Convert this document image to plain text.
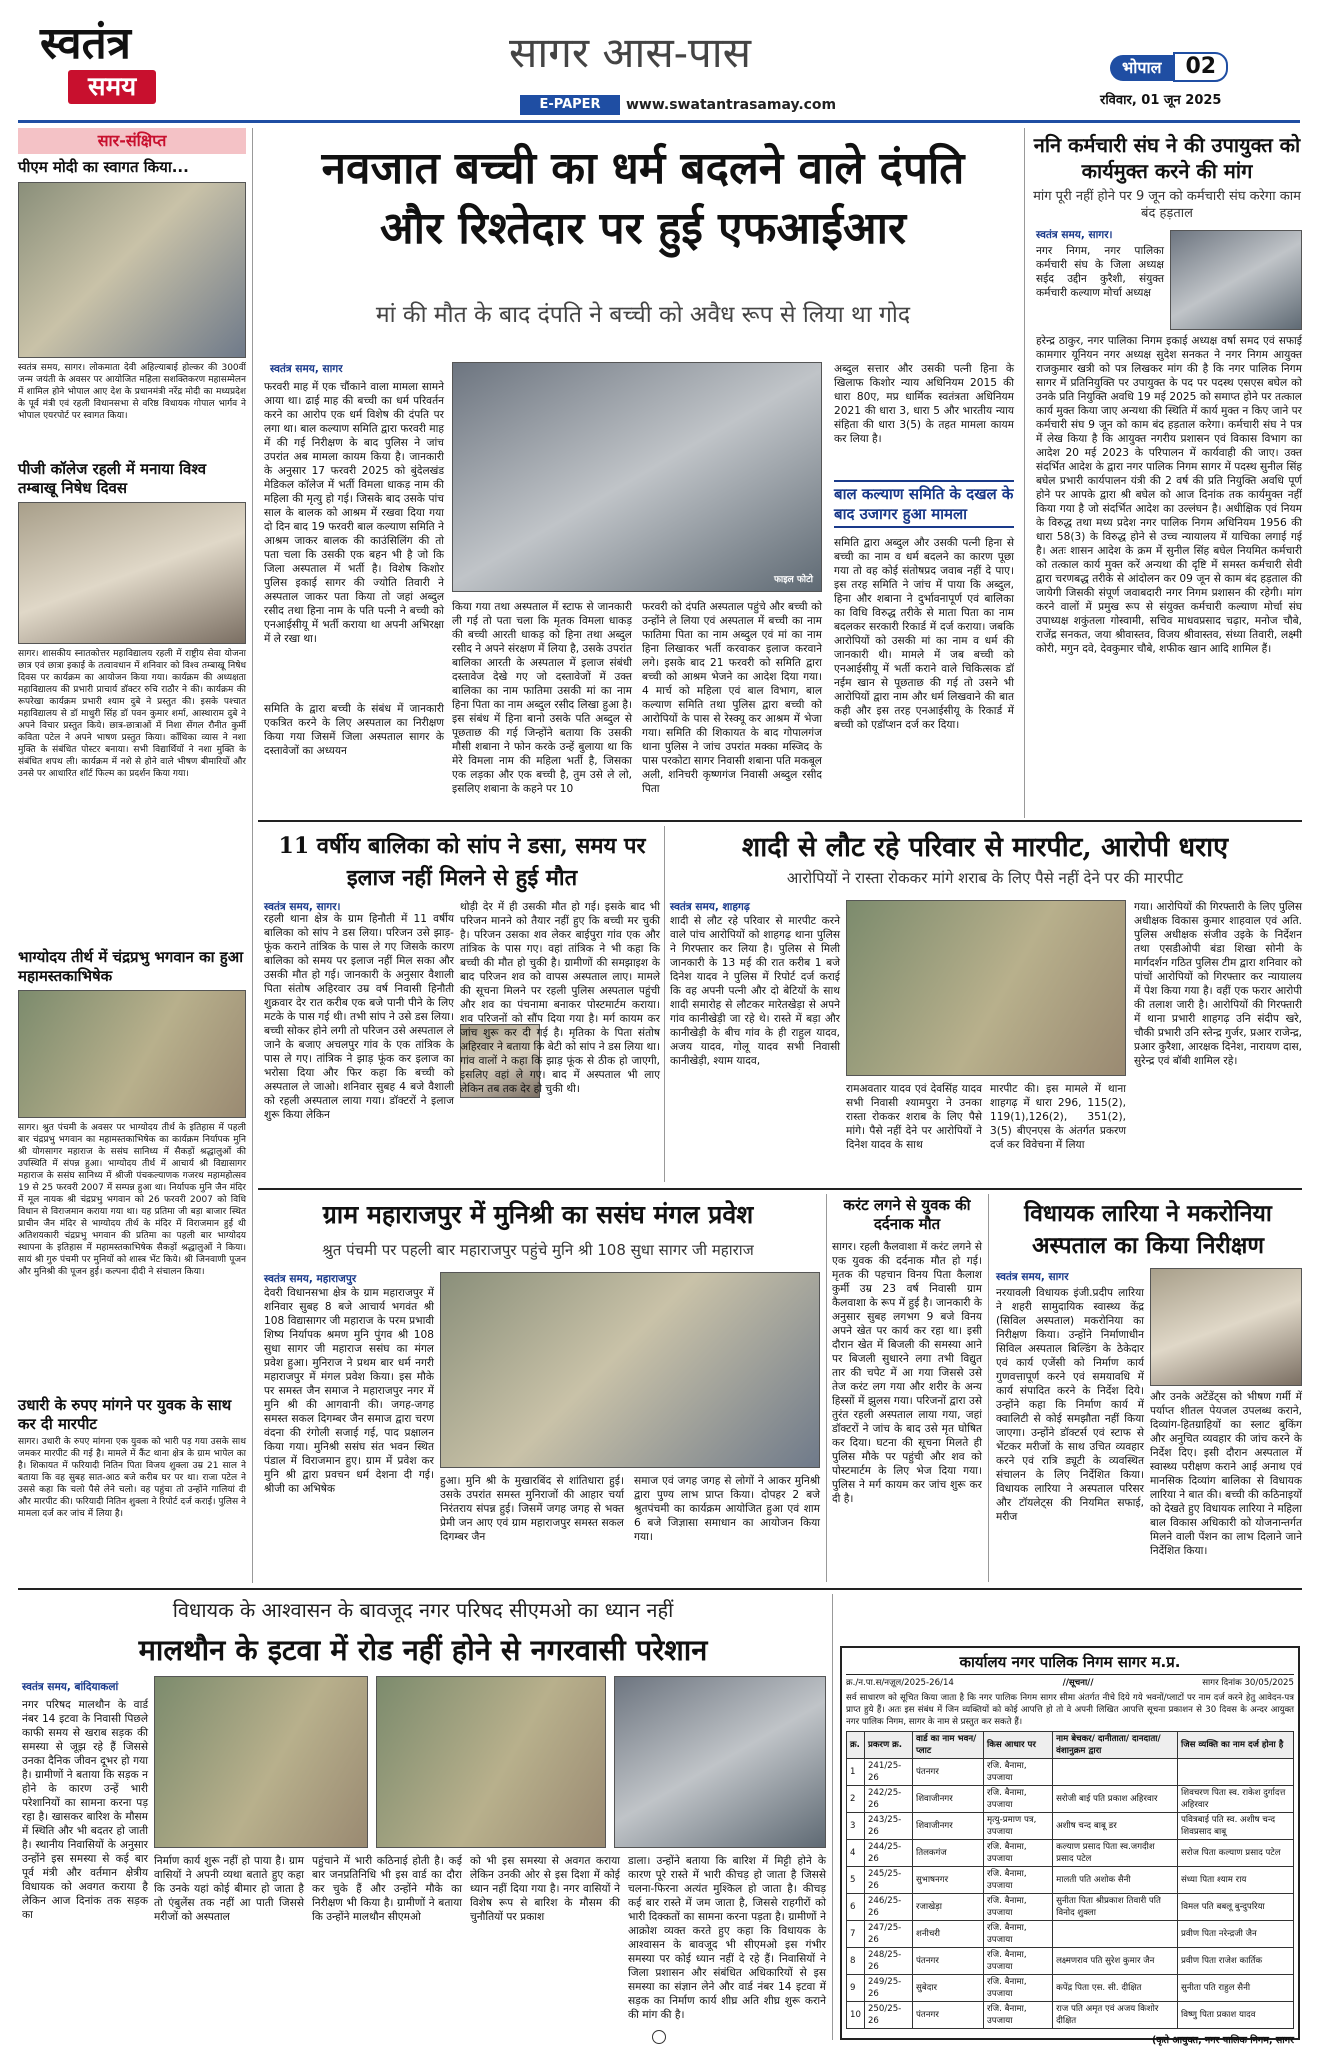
स्वतंत्र
समय
सागर आस-पास
E-PAPER	www.swatantrasamay.com
भोपाल 02
रविवार, 01 जून 2025
सार-संक्षिप्त
पीएम मोदी का स्वागत किया...
स्वतंत्र समय, सागर। लोकमाता देवी अहिल्याबाई होल्कर की 300वीं जन्म जयंती के अवसर पर आयोजित महिला सशक्तिकरण महासम्मेलन में शामिल होने भोपाल आए देश के प्रधानमंत्री नरेंद्र मोदी का मध्यप्रदेश के पूर्व मंत्री एवं रहली विधानसभा से वरिष्ठ विधायक गोपाल भार्गव ने भोपाल एयरपोर्ट पर स्वागत किया।
पीजी कॉलेज रहली में मनाया विश्व तम्बाखू निषेध दिवस
सागर। शासकीय स्नातकोत्तर महाविद्यालय रहली में राष्ट्रीय सेवा योजना छात्र एवं छात्रा इकाई के तत्वावधान में शनिवार को विश्व तम्बाखू निषेध दिवस पर कार्यक्रम का आयोजन किया गया। कार्यक्रम की अध्यक्षता महाविद्यालय की प्रभारी प्राचार्य डॉक्टर रुचि राठौर ने की। कार्यक्रम की रूपरेखा कार्यक्रम प्रभारी श्याम दुबे ने प्रस्तुत की। इसके पश्चात महाविद्यालय से डॉ माधुरी सिंह डॉ पवन कुमार शर्मा, आस्थाराम दुबे ने अपने विचार प्रस्तुत किये। छात्र-छात्राओं में निशा सेंगल रौनीत कुर्मी कविता पटेल ने अपने भाषण प्रस्तुत किया। काँधिका व्यास ने नशा मुक्ति के संबंधित पोस्टर बनाया। सभी विद्यार्थियों ने नशा मुक्ति के संबंधित शपथ ली। कार्यक्रम में नशे से होने वाले भीषण बीमारियों और उनसे पर आधारित शॉर्ट फिल्म का प्रदर्शन किया गया।
भाग्योदय तीर्थ में चंद्रप्रभु भगवान का हुआ महामस्तकाभिषेक
सागर। श्रुत पंचमी के अवसर पर भाग्योदय तीर्थ के इतिहास में पहली बार चंद्रप्रभु भगवान का महामस्तकाभिषेक का कार्यक्रम निर्यापक मुनि श्री योगसागर महाराज के ससंघ सानिध्य में सैकड़ों श्रद्धालुओं की उपस्थिति में संपन्न हुआ। भाग्योदय तीर्थ में आचार्य श्री विद्यासागर महाराज के ससंघ सानिध्य में श्रीजी पंचकल्याणक गजरथ महामहोत्सव 19 से 25 फरवरी 2007 में सम्पन्न हुआ था। निर्यापक मुनि जैन मंदिर में मूल नायक श्री चंद्रप्रभु भगवान को 26 फरवरी 2007 को विधि विधान से विराजमान कराया गया था। यह प्रतिमा जी बड़ा बाजार स्थित प्राचीन जैन मंदिर से भाग्योदय तीर्थ के मंदिर में विराजमान हुई थी अतिशयकारी चंद्रप्रभु भगवान की प्रतिमा का पहली बार भाग्योदय स्थापना के इतिहास में महामस्तकाभिषेक सैकड़ों श्रद्धालुओं ने किया। सायं श्री गुरु पंचमी पर मुनियों को शास्त्र भेंट किये। श्री जिनवाणी पूजन और मुनिश्री की पूजन हुई। कल्पना दीदी ने संचालन किया।
उधारी के रुपए मांगने पर युवक के साथ कर दी मारपीट
सागर। उधारी के रुपए मांगना एक युवक को भारी पड़ गया उसके साथ जमकर मारपीट की गई है। मामले में कैंट थाना क्षेत्र के ग्राम भापेल का है। शिकायत में फरियादी नितिन पिता विजय शुक्ला उम्र 21 साल ने बताया कि वह सुबह सात-आठ बजे करीब घर पर था। राजा पटेल ने उससे कहा कि चलो पैसे लेने चलो। वह पहुंचा तो उन्होंने गालियां दी और मारपीट की। फरियादी नितिन शुक्ला ने रिपोर्ट दर्ज कराई। पुलिस ने मामला दर्ज कर जांच में लिया है।
नवजात बच्ची का धर्म बदलने वाले दंपति
और रिश्तेदार पर हुई एफआईआर
मां की मौत के बाद दंपति ने बच्ची को अवैध रूप से लिया था गोद
स्वतंत्र समय, सागर
फरवरी माह में एक चौंकाने वाला मामला सामने आया था। ढाई माह की बच्ची का धर्म परिवर्तन करने का आरोप एक धर्म विशेष की दंपति पर लगा था। बाल कल्याण समिति द्वारा फरवरी माह में की गई निरीक्षण के बाद पुलिस ने जांच उपरांत अब मामला कायम किया है। जानकारी के अनुसार 17 फरवरी 2025 को बुंदेलखंड मेडिकल कॉलेज में भर्ती विमला धाकड़ नाम की महिला की मृत्यु हो गई। जिसके बाद उसके पांच साल के बालक को आश्रम में रखवा दिया गया दो दिन बाद 19 फरवरी बाल कल्याण समिति ने आश्रम जाकर बालक की काउंसिलिंग की तो पता चला कि उसकी एक बहन भी है जो कि जिला अस्पताल में भर्ती है। विशेष किशोर पुलिस इकाई सागर की ज्योति तिवारी ने अस्पताल जाकर पता किया तो जहां अब्दुल रसीद तथा हिना नाम के पति पत्नी ने बच्ची को एनआईसीयू में भर्ती कराया था अपनी अभिरक्षा में ले रखा था।
समिति के द्वारा बच्ची के संबंध में जानकारी एकत्रित करने के लिए अस्पताल का निरीक्षण किया गया जिसमें जिला अस्पताल सागर के दस्तावेजों का अध्ययन
फाइल फोटो
किया गया तथा अस्पताल में स्टाफ से जानकारी ली गई तो पता चला कि मृतक विमला धाकड़ की बच्ची आरती धाकड़ को हिना तथा अब्दुल रसीद ने अपने संरक्षण में लिया है, उसके उपरांत बालिका आरती के अस्पताल में इलाज संबंधी दस्तावेज देखे गए जो दस्तावेजों में उक्त बालिका का नाम फातिमा उसकी मां का नाम हिना पिता का नाम अब्दुल रसीद लिखा हुआ है। इस संबंध में हिना बानो उसके पति अब्दुल से पूछताछ की गई जिन्होंने बताया कि उसकी मौसी शबाना ने फोन करके उन्हें बुलाया था कि मेरे विमला नाम की महिला भर्ती है, जिसका एक लड़का और एक बच्ची है, तुम उसे ले लो, इसलिए शबाना के कहने पर 10
फरवरी को दंपति अस्पताल पहुंचे और बच्ची को उन्होंने ले लिया एवं अस्पताल में बच्ची का नाम फातिमा पिता का नाम अब्दुल एवं मां का नाम हिना लिखाकर भर्ती करवाकर इलाज करवाने लगे। इसके बाद 21 फरवरी को समिति द्वारा बच्ची को आश्रम भेजने का आदेश दिया गया। 4 मार्च को महिला एवं बाल विभाग, बाल कल्याण समिति तथा पुलिस द्वारा बच्ची को आरोपियों के पास से रेस्क्यू कर आश्रम में भेजा गया। समिति की शिकायत के बाद गोपालगंज थाना पुलिस ने जांच उपरांत मक्का मस्जिद के पास परकोटा सागर निवासी शबाना पति मकबूल अली, शनिचरी कृष्णगंज निवासी अब्दुल रसीद पिता
अब्दुल सत्तार और उसकी पत्नी हिना के खिलाफ किशोर न्याय अधिनियम 2015 की धारा 80ए, मप्र धार्मिक स्वतंत्रता अधिनियम 2021 की धारा 3, धारा 5 और भारतीय न्याय संहिता की धारा 3(5) के तहत मामला कायम कर लिया है।
बाल कल्याण समिति के दखल के बाद उजागर हुआ मामला
समिति द्वारा अब्दुल और उसकी पत्नी हिना से बच्ची का नाम व धर्म बदलने का कारण पूछा गया तो वह कोई संतोषप्रद जवाब नहीं दे पाए। इस तरह समिति ने जांच में पाया कि अब्दुल, हिना और शबाना ने दुर्भावनापूर्ण एवं बालिका का विधि विरुद्ध तरीके से माता पिता का नाम बदलकर सरकारी रिकार्ड में दर्ज कराया। जबकि आरोपियों को उसकी मां का नाम व धर्म की जानकारी थी। मामले में जब बच्ची को एनआईसीयू में भर्ती कराने वाले चिकित्सक डॉ नईम खान से पूछताछ की गई तो उसने भी आरोपियों द्वारा नाम और धर्म लिखवाने की बात कही और इस तरह एनआईसीयू के रिकार्ड में बच्ची को एडॉप्शन दर्ज कर दिया।
ननि कर्मचारी संघ ने की उपायुक्त को कार्यमुक्त करने की मांग
मांग पूरी नहीं होने पर 9 जून को कर्मचारी संघ करेगा काम बंद हड़ताल
स्वतंत्र समय, सागर।
नगर निगम, नगर पालिका कर्मचारी संघ के जिला अध्यक्ष सईद उद्दीन कुरैशी, संयुक्त कर्मचारी कल्याण मोर्चा अध्यक्ष
हरेन्द्र ठाकुर, नगर पालिका निगम इकाई अध्यक्ष वर्षा समद एवं सफाई कामगार यूनियन नगर अध्यक्ष सुदेश सनकत ने नगर निगम आयुक्त राजकुमार खत्री को पत्र लिखकर मांग की है कि नगर पालिक निगम सागर में प्रतिनियुक्ति पर उपायुक्त के पद पर पदस्थ एसएस बघेल को उनके प्रति नियुक्ति अवधि 19 मई 2025 को समाप्त होने पर तत्काल कार्य मुक्त किया जाए अन्यथा की स्थिति में कार्य मुक्त न किए जाने पर कर्मचारी संघ 9 जून को काम बंद हड़ताल करेगा। कर्मचारी संघ ने पत्र में लेख किया है कि आयुक्त नगरीय प्रशासन एवं विकास विभाग का आदेश 20 मई 2023 के परिपालन में कार्यवाही की जाए। उक्त संदर्भित आदेश के द्वारा नगर पालिक निगम सागर में पदस्थ सुनील सिंह बघेल प्रभारी कार्यपालन यंत्री की 2 वर्ष की प्रति नियुक्ति अवधि पूर्ण होने पर आपके द्वारा श्री बघेल को आज दिनांक तक कार्यमुक्त नहीं किया गया है जो संदर्भित आदेश का उल्लंघन है। अधीक्षिक एवं नियम के विरुद्ध तथा मध्य प्रदेश नगर पालिक निगम अधिनियम 1956 की धारा 58(3) के विरुद्ध होने से उच्च न्यायालय में याचिका लगाई गई है। अतः शासन आदेश के क्रम में सुनील सिंह बघेल नियमित कर्मचारी को तत्काल कार्य मुक्त करें अन्यथा की दृष्टि में समस्त कर्मचारी सेवी द्वारा चरणबद्ध तरीके से आंदोलन कर 09 जून से काम बंद हड़ताल की जायेगी जिसकी संपूर्ण जवाबदारी नगर निगम प्रशासन की रहेगी। मांग करने वालों में प्रमुख रूप से संयुक्त कर्मचारी कल्याण मोर्चा संघ उपाध्यक्ष शकुंतला गोस्वामी, सचिव माधवप्रसाद चढ़ार, मनोज चौबे, राजेंद्र सनकत, जया श्रीवास्तव, विजय श्रीवास्तव, संध्या तिवारी, लक्ष्मी कोरी, मगुन दवे, देवकुमार चौबे, शफीक खान आदि शामिल हैं।
11 वर्षीय बालिका को सांप ने डसा, समय पर इलाज नहीं मिलने से हुई मौत
स्वतंत्र समय, सागर।
रहली थाना क्षेत्र के ग्राम हिनौती में 11 वर्षीय बालिका को सांप ने डस लिया। परिजन उसे झाड़-फूंक कराने तांत्रिक के पास ले गए जिसके कारण बालिका को समय पर इलाज नहीं मिल सका और उसकी मौत हो गई। जानकारी के अनुसार वैशाली पिता संतोष अहिरवार उम्र वर्ष निवासी हिनौती शुक्रवार देर रात करीब एक बजे पानी पीने के लिए मटके के पास गई थी। तभी सांप ने उसे डस लिया। बच्ची सोकर होने लगी तो परिजन उसे अस्पताल ले जाने के बजाए अचलपुर गांव के एक तांत्रिक के पास ले गए। तांत्रिक ने झाड़ फूंक कर इलाज का भरोसा दिया और फिर कहा कि बच्ची को अस्पताल ले जाओ। शनिवार सुबह 4 बजे वैशाली को रहली अस्पताल लाया गया। डॉक्टरों ने इलाज शुरू किया लेकिन
थोड़ी देर में ही उसकी मौत हो गई। इसके बाद भी परिजन मानने को तैयार नहीं हुए कि बच्ची मर चुकी है। परिजन उसका शव लेकर बाईपुरा गांव एक और तांत्रिक के पास गए। वहां तांत्रिक ने भी कहा कि बच्ची की मौत हो चुकी है। ग्रामीणों की समझाइश के बाद परिजन शव को वापस अस्पताल लाए। मामले की सूचना मिलने पर रहली पुलिस अस्पताल पहुंची और शव का पंचनामा बनाकर पोस्टमार्टम कराया। शव परिजनों को सौंप दिया गया है। मर्ग कायम कर जांच शुरू कर दी गई है। मृतिका के पिता संतोष अहिरवार ने बताया कि बेटी को सांप ने डस लिया था। गांव वालों ने कहा कि झाड़ फूंक से ठीक हो जाएगी, इसलिए वहां ले गए। बाद में अस्पताल भी लाए लेकिन तब तक देर हो चुकी थी।
शादी से लौट रहे परिवार से मारपीट, आरोपी धराए
आरोपियों ने रास्ता रोककर मांगे शराब के लिए पैसे नहीं देने पर की मारपीट
स्वतंत्र समय, शाहगढ़
शादी से लौट रहे परिवार से मारपीट करने वाले पांच आरोपियों को शाहगढ़ थाना पुलिस ने गिरफ्तार कर लिया है। पुलिस से मिली जानकारी के 13 मई की रात करीब 1 बजे दिनेश यादव ने पुलिस में रिपोर्ट दर्ज कराई कि वह अपनी पत्नी और दो बेटियों के साथ शादी समारोह से लौटकर मारेतखेड़ा से अपने गांव कानीखेड़ी जा रहे थे। रास्ते में बड़ा और कानीखेड़ी के बीच गांव के ही राहुल यादव, अजय यादव, गोलू यादव सभी निवासी कानीखेड़ी, श्याम यादव,
रामअवतार यादव एवं देवसिंह यादव सभी निवासी श्यामपुरा ने उनका रास्ता रोककर शराब के लिए पैसे मांगे। पैसे नहीं देने पर आरोपियों ने दिनेश यादव के साथ
मारपीट की। इस मामले में थाना शाहगढ़ में धारा 296, 115(2), 119(1),126(2), 351(2), 3(5) बीएनएस के अंतर्गत प्रकरण दर्ज कर विवेचना में लिया
गया। आरोपियों की गिरफ्तारी के लिए पुलिस अधीक्षक विकास कुमार शाहवाल एवं अति. पुलिस अधीक्षक संजीव उइके के निर्देशन तथा एसडीओपी बंडा शिखा सोनी के मार्गदर्शन गठित पुलिस टीम द्वारा शनिवार को पांचों आरोपियों को गिरफ्तार कर न्यायालय में पेश किया गया है। वहीं एक फरार आरोपी की तलाश जारी है। आरोपियों की गिरफ्तारी में थाना प्रभारी शाहगढ़ उनि संदीप खरे, चौकी प्रभारी उनि स्तेन्द्र गुर्जर, प्रआर राजेन्द्र, प्रआर कुरैशा, आरक्षक दिनेश, नारायण दास, सुरेन्द्र एवं बॉबी शामिल रहे।
ग्राम महाराजपुर में मुनिश्री का ससंघ मंगल प्रवेश
श्रुत पंचमी पर पहली बार महाराजपुर पहुंचे मुनि श्री 108 सुधा सागर जी महाराज
स्वतंत्र समय, महाराजपुर
देवरी विधानसभा क्षेत्र के ग्राम महाराजपुर में शनिवार सुबह 8 बजे आचार्य भगवंत श्री 108 विद्यासागर जी महाराज के परम प्रभावी शिष्य निर्यापक श्रमण मुनि पुंगव श्री 108 सुधा सागर जी महाराज ससंघ का मंगल प्रवेश हुआ। मुनिराज ने प्रथम बार धर्म नगरी महाराजपुर में मंगल प्रवेश किया। इस मौके पर समस्त जैन समाज ने महाराजपुर नगर में मुनि श्री की आगवानी की। जगह-जगह समस्त सकल दिगम्बर जैन समाज द्वारा चरण वंदना की रंगोली सजाई गई, पाद प्रक्षालन किया गया। मुनिश्री ससंघ संत भवन स्थित पंडाल में विराजमान हुए। ग्राम में प्रवेश कर मुनि श्री द्वारा प्रवचन धर्म देशना दी गई। श्रीजी का अभिषेक
हुआ। मुनि श्री के मुखारबिंद से शांतिधारा हुई। उसके उपरांत समस्त मुनिराजों की आहार चर्या निरंतराय संपन्न हुई। जिसमें जगह जगह से भक्त प्रेमी जन आए एवं ग्राम महाराजपुर समस्त सकल दिगम्बर जैन
समाज एवं जगह जगह से लोगों ने आकर मुनिश्री द्वारा पुण्य लाभ प्राप्त किया। दोपहर 2 बजे श्रुतपंचमी का कार्यक्रम आयोजित हुआ एवं शाम 6 बजे जिज्ञासा समाधान का आयोजन किया गया।
करंट लगने से युवक की दर्दनाक मौत
सागर। रहली कैलवाशा में करंट लगने से एक युवक की दर्दनाक मौत हो गई। मृतक की पहचान विनय पिता कैलाश कुर्मी उम्र 23 वर्ष निवासी ग्राम कैलवाशा के रूप में हुई है। जानकारी के अनुसार सुबह लगभग 9 बजे विनय अपने खेत पर कार्य कर रहा था। इसी दौरान खेत में बिजली की समस्या आने पर बिजली सुधारने लगा तभी विद्युत तार की चपेट में आ गया जिससे उसे तेज करंट लग गया और शरीर के अन्य हिस्सों में झुलस गया। परिजनों द्वारा उसे तुरंत रहली अस्पताल लाया गया, जहां डॉक्टरों ने जांच के बाद उसे मृत घोषित कर दिया। घटना की सूचना मिलते ही पुलिस मौके पर पहुंची और शव को पोस्टमार्टम के लिए भेज दिया गया। पुलिस ने मर्ग कायम कर जांच शुरू कर दी है।
विधायक लारिया ने मकरोनिया अस्पताल का किया निरीक्षण
स्वतंत्र समय, सागर
नरयावली विधायक इंजी.प्रदीप लारिया ने शहरी सामुदायिक स्वास्थ्य केंद्र (सिविल अस्पताल) मकरोनिया का निरीक्षण किया। उन्होंने निर्माणाधीन सिविल अस्पताल बिल्डिंग के ठेकेदार एवं कार्य एजेंसी को निर्माण कार्य गुणवत्तापूर्ण करने एवं समयावधि में कार्य संपादित करने के निर्देश दिये। उन्होंने कहा कि निर्माण कार्य में क्वालिटी से कोई समझौता नहीं किया जाएगा। उन्होंने डॉक्टर्स एवं स्टाफ से भेंटकर मरीजों के साथ उचित व्यवहार करने एवं रात्रि ड्यूटी के व्यवस्थित संचालन के लिए निर्देशित किया। विधायक लारिया ने अस्पताल परिसर और टॉयलेट्स की नियमित सफाई, मरीज
और उनके अटेंडेंट्स को भीषण गर्मी में पर्याप्त शीतल पेयजल उपलब्ध कराने, दिव्यांग-हितग्राहियों का स्लाट बुकिंग और अनुचित व्यवहार की जांच करने के निर्देश दिए। इसी दौरान अस्पताल में स्वास्थ्य परीक्षण कराने आई अनाथ एवं मानसिक दिव्यांग बालिका से विधायक लारिया ने बात की। बच्ची की कठिनाइयों को देखते हुए विधायक लारिया ने महिला बाल विकास अधिकारी को योजनान्तर्गत मिलने वाली पेंशन का लाभ दिलाने जाने निर्देशित किया।
विधायक के आश्वासन के बावजूद नगर परिषद सीएमओ का ध्यान नहीं
मालथौन के इटवा में रोड नहीं होने से नगरवासी परेशान
स्वतंत्र समय, बांदियाकलां
नगर परिषद मालथौन के वार्ड नंबर 14 इटवा के निवासी पिछले काफी समय से खराब सड़क की समस्या से जूझ रहे हैं जिससे उनका दैनिक जीवन दूभर हो गया है। ग्रामीणों ने बताया कि सड़क न होने के कारण उन्हें भारी परेशानियों का सामना करना पड़ रहा है। खासकर बारिश के मौसम में स्थिति और भी बदतर हो जाती है। स्थानीय निवासियों के अनुसार उन्होंने इस समस्या से कई बार पूर्व मंत्री और वर्तमान क्षेत्रीय विधायक को अवगत कराया है लेकिन आज दिनांक तक सड़क का
निर्माण कार्य शुरू नहीं हो पाया है। ग्राम वासियों ने अपनी व्यथा बताते हुए कहा कि उनके यहां कोई बीमार हो जाता है तो एंबुलेंस तक नहीं आ पाती जिससे मरीजों को अस्पताल
पहुंचाने में भारी कठिनाई होती है। कई बार जनप्रतिनिधि भी इस वार्ड का दौरा कर चुके हैं और उन्होंने मौके का निरीक्षण भी किया है। ग्रामीणों ने बताया कि उन्होंने मालथौन सीएमओ
को भी इस समस्या से अवगत कराया लेकिन उनकी ओर से इस दिशा में कोई ध्यान नहीं दिया गया है। नगर वासियों ने विशेष रूप से बारिश के मौसम की चुनौतियों पर प्रकाश
डाला। उन्होंने बताया कि बारिश में मिट्टी होने के कारण पूरे रास्ते में भारी कीचड़ हो जाता है जिससे चलना-फिरना अत्यंत मुश्किल हो जाता है। कीचड़ कई बार रास्ते में जम जाता है, जिससे राहगीरों को भारी दिक्कतों का सामना करना पड़ता है। ग्रामीणों ने आक्रोश व्यक्त करते हुए कहा कि विधायक के आश्वासन के बावजूद भी सीएमओ इस गंभीर समस्या पर कोई ध्यान नहीं दे रहे हैं। निवासियों ने जिला प्रशासन और संबंधित अधिकारियों से इस समस्या का संज्ञान लेने और वार्ड नंबर 14 इटवा में सड़क का निर्माण कार्य शीघ्र अति शीघ्र शुरू कराने की मांग की है।
कार्यालय नगर पालिक निगम सागर म.प्र.
क्र./न.पा.स/नज़ूल/2025-26/14	//सूचना//	सागर दिनांक 30/05/2025
सर्व साधारण को सूचित किया जाता है कि नगर पालिक निगम सागर सीमा अंतर्गत नीचे दिये गये भवनों/प्लाटों पर नाम दर्ज करने हेतु आवेदन-पत्र प्राप्त हुये हैं। अतः इस संबंध में जिन व्यक्तियों को कोई आपत्ति हो तो वे अपनी लिखित आपत्ति सूचना प्रकाशन से 30 दिवस के अन्दर आयुक्त नगर पालिक निगम, सागर के नाम से प्रस्तुत कर सकते हैं।
क्र.	प्रकरण क्र.	वार्ड का नाम भवन/प्लाट	किस आधार पर	नाम बेचकर/ दानीताता/ दानदाता/ वंशानुक्रम द्वारा	जिस व्यक्ति का नाम दर्ज होना है
1	241/25-26	पंतनगर	रजि. बैनामा, उपजाया		
2	242/25-26	शिवाजीनगर	रजि. बैनामा, उपजाया	सरोजी बाई पति प्रकाश अहिरवार	शिवचरण पिता स्व. राकेश दुर्गादत्त अहिरवार
3	243/25-26	शिवाजीनगर	मृत्यु-प्रमाण पत्र, उपजाया	अशीष चन्द बाबू डर	पवित्रबाई पति स्व. अशीष चन्द शिवप्रसाद बाबू
4	244/25-26	तिलकगंज	रजि. बैनामा, उपजाया	कल्याण प्रसाद पिता स्व.जगदीश प्रसाद पटेल	सरोज पिता कल्याण प्रसाद पटेल
5	245/25-26	सुभाषनगर	रजि. बैनामा, उपजाया	मालती पति अशोक सैनी	संध्या पिता श्याम राय
6	246/25-26	रजाखेड़ा	रजि. बैनामा, उपजाया	सुनीता पिता श्रीप्रकाश तिवारी पति विनोद शुक्ला	विमल पति बबलू बुन्दुपरिया
7	247/25-26	शनीचरी	रजि. बैनामा, उपजाया		प्रवीण पिता नरेन्द्रजी जैन
8	248/25-26	पंतनगर	रजि. बैनामा, उपजाया	लक्ष्मणराव पति सुरेश कुमार जैन	प्रवीण पिता राजेश कार्तिक
9	249/25-26	सुबेदार	रजि. बैनामा, उपजाया	कपेंद्र पिता एस. सी. दीक्षित	सुनीता पति राहुल सैनी
10	250/25-26	पंतनगर	रजि. बैनामा, उपजाया	राज पति अमृत एवं अजय किशोर दीक्षित	विष्णु पिता प्रकाश यादव
(कृते आयुक्त, नगर पालिक निगम, सागर
